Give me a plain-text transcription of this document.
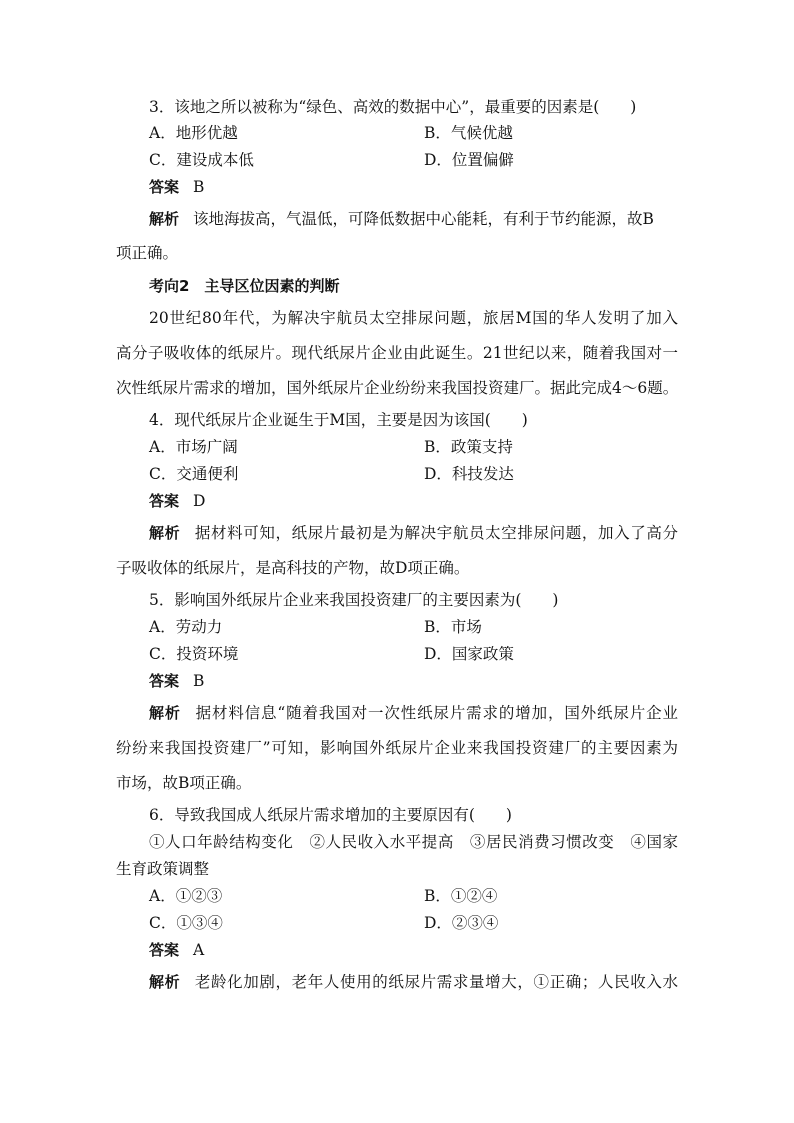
3．该地之所以被称为“绿色、高效的数据中心”，最重要的因素是(　　)
A．地形优越	B．气候优越
C．建设成本低	D．位置偏僻
答案 B
解析 该地海拔高，气温低，可降低数据中心能耗，有利于节约能源，故B
项正确。
考向2　主导区位因素的判断
20世纪80年代，为解决宇航员太空排尿问题，旅居M国的华人发明了加入
高分子吸收体的纸尿片。现代纸尿片企业由此诞生。21世纪以来，随着我国对一
次性纸尿片需求的增加，国外纸尿片企业纷纷来我国投资建厂。据此完成4～6题。
4．现代纸尿片企业诞生于M国，主要是因为该国(　　)
A．市场广阔	B．政策支持
C．交通便利	D．科技发达
答案 D
解析 据材料可知，纸尿片最初是为解决宇航员太空排尿问题，加入了高分
子吸收体的纸尿片，是高科技的产物，故D项正确。
5．影响国外纸尿片企业来我国投资建厂的主要因素为(　　)
A．劳动力	B．市场
C．投资环境	D．国家政策
答案 B
解析 据材料信息“随着我国对一次性纸尿片需求的增加，国外纸尿片企业
纷纷来我国投资建厂”可知，影响国外纸尿片企业来我国投资建厂的主要因素为
市场，故B项正确。
6．导致我国成人纸尿片需求增加的主要原因有(　　)
①人口年龄结构变化　②人民收入水平提高　③居民消费习惯改变　④国家
生育政策调整
A．①②③	B．①②④
C．①③④	D．②③④
答案 A
解析 老龄化加剧，老年人使用的纸尿片需求量增大，①正确；人民收入水
